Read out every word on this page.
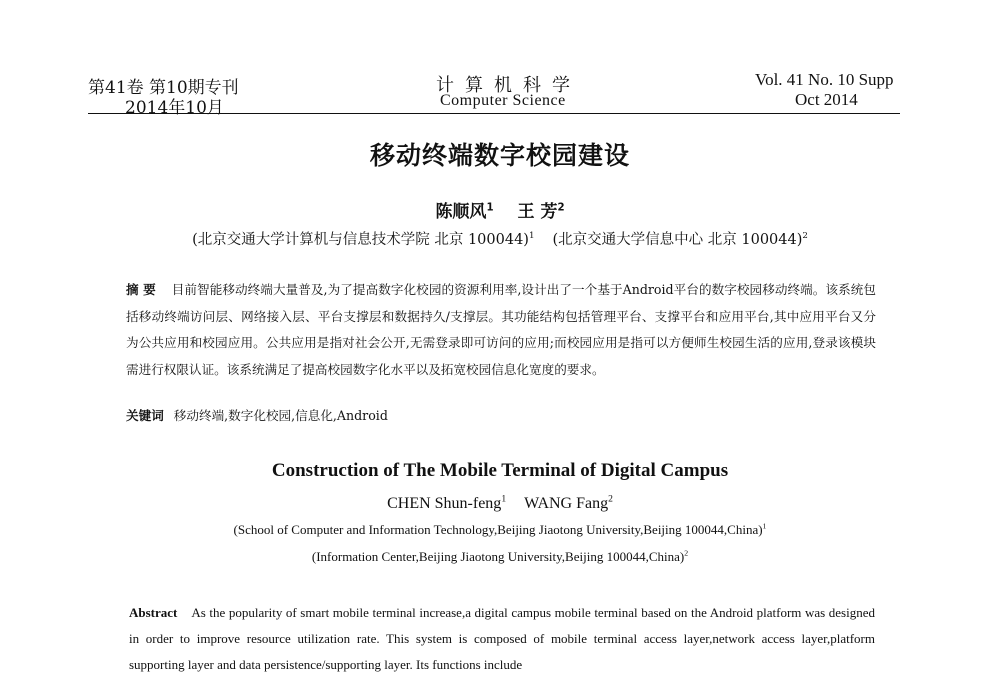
第41卷 第10期专刊
2014年10月
计算机科学
Computer Science
Vol. 41 No. 10 Supp
Oct 2014
移动终端数字校园建设
陈顺风$^1$ 王 芳$^2$
(北京交通大学计算机与信息技术学院 北京 100044)$^1$ (北京交通大学信息中心 北京 100044)$^2$
摘 要 目前智能移动终端大量普及,为了提高数字化校园的资源利用率,设计出了一个基于Android平台的数字校园移动终端。该系统包括移动终端访问层、网络接入层、平台支撑层和数据持久/支撑层。其功能结构包括管理平台、支撑平台和应用平台,其中应用平台又分为公共应用和校园应用。公共应用是指对社会公开,无需登录即可访问的应用;而校园应用是指可以方便师生校园生活的应用,登录该模块需进行权限认证。该系统满足了提高校园数字化水平以及拓宽校园信息化宽度的要求。
关键词 移动终端,数字化校园,信息化,Android
Construction of The Mobile Terminal of Digital Campus
CHEN Shun-feng$^1$ WANG Fang$^2$
(School of Computer and Information Technology,Beijing Jiaotong University,Beijing 100044,China)$^1$
(Information Center,Beijing Jiaotong University,Beijing 100044,China)$^2$
Abstract As the popularity of smart mobile terminal increase,a digital campus mobile terminal based on the Android platform was designed in order to improve resource utilization rate. This system is composed of mobile terminal access layer,network access layer,platform supporting layer and data persistence/supporting layer. Its functions include
